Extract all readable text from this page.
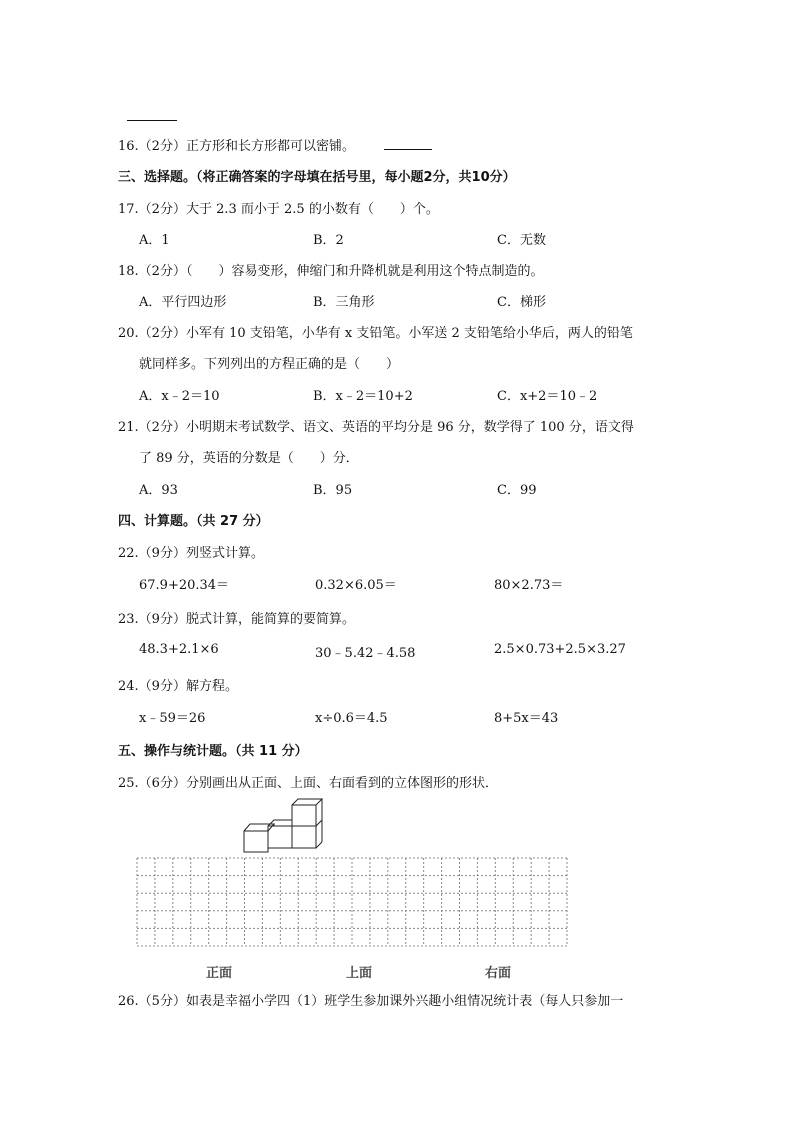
16.（2分）正方形和长方形都可以密铺。
三、选择题。（将正确答案的字母填在括号里，每小题2分，共10分）
17.（2分）大于 2.3 而小于 2.5 的小数有（　　）个。
A．1	B．2	C．无数
18.（2分）（　　）容易变形，伸缩门和升降机就是利用这个特点制造的。
A．平行四边形	B．三角形	C．梯形
20.（2分）小军有 10 支铅笔，小华有 x 支铅笔。小军送 2 支铅笔给小华后，两人的铅笔
就同样多。下列列出的方程正确的是（　　）
A．x﹣2＝10	B．x﹣2＝10+2	C．x+2＝10﹣2
21.（2分）小明期末考试数学、语文、英语的平均分是 96 分，数学得了 100 分，语文得
了 89 分，英语的分数是（　　）分．
A．93	B．95	C．99
四、计算题。（共 27 分）
22.（9分）列竖式计算。
67.9+20.34＝	0.32×6.05＝	80×2.73＝
23.（9分）脱式计算，能简算的要简算。
48.3+2.1×6	30﹣5.42﹣4.58	2.5×0.73+2.5×3.27
24.（9分）解方程。
x﹣59＝26	x÷0.6＝4.5	8+5x＝43
五、操作与统计题。（共 11 分）
25.（6分）分别画出从正面、上面、右面看到的立体图形的形状．
正面	上面	右面
26.（5分）如表是幸福小学四（1）班学生参加课外兴趣小组情况统计表（每人只参加一
